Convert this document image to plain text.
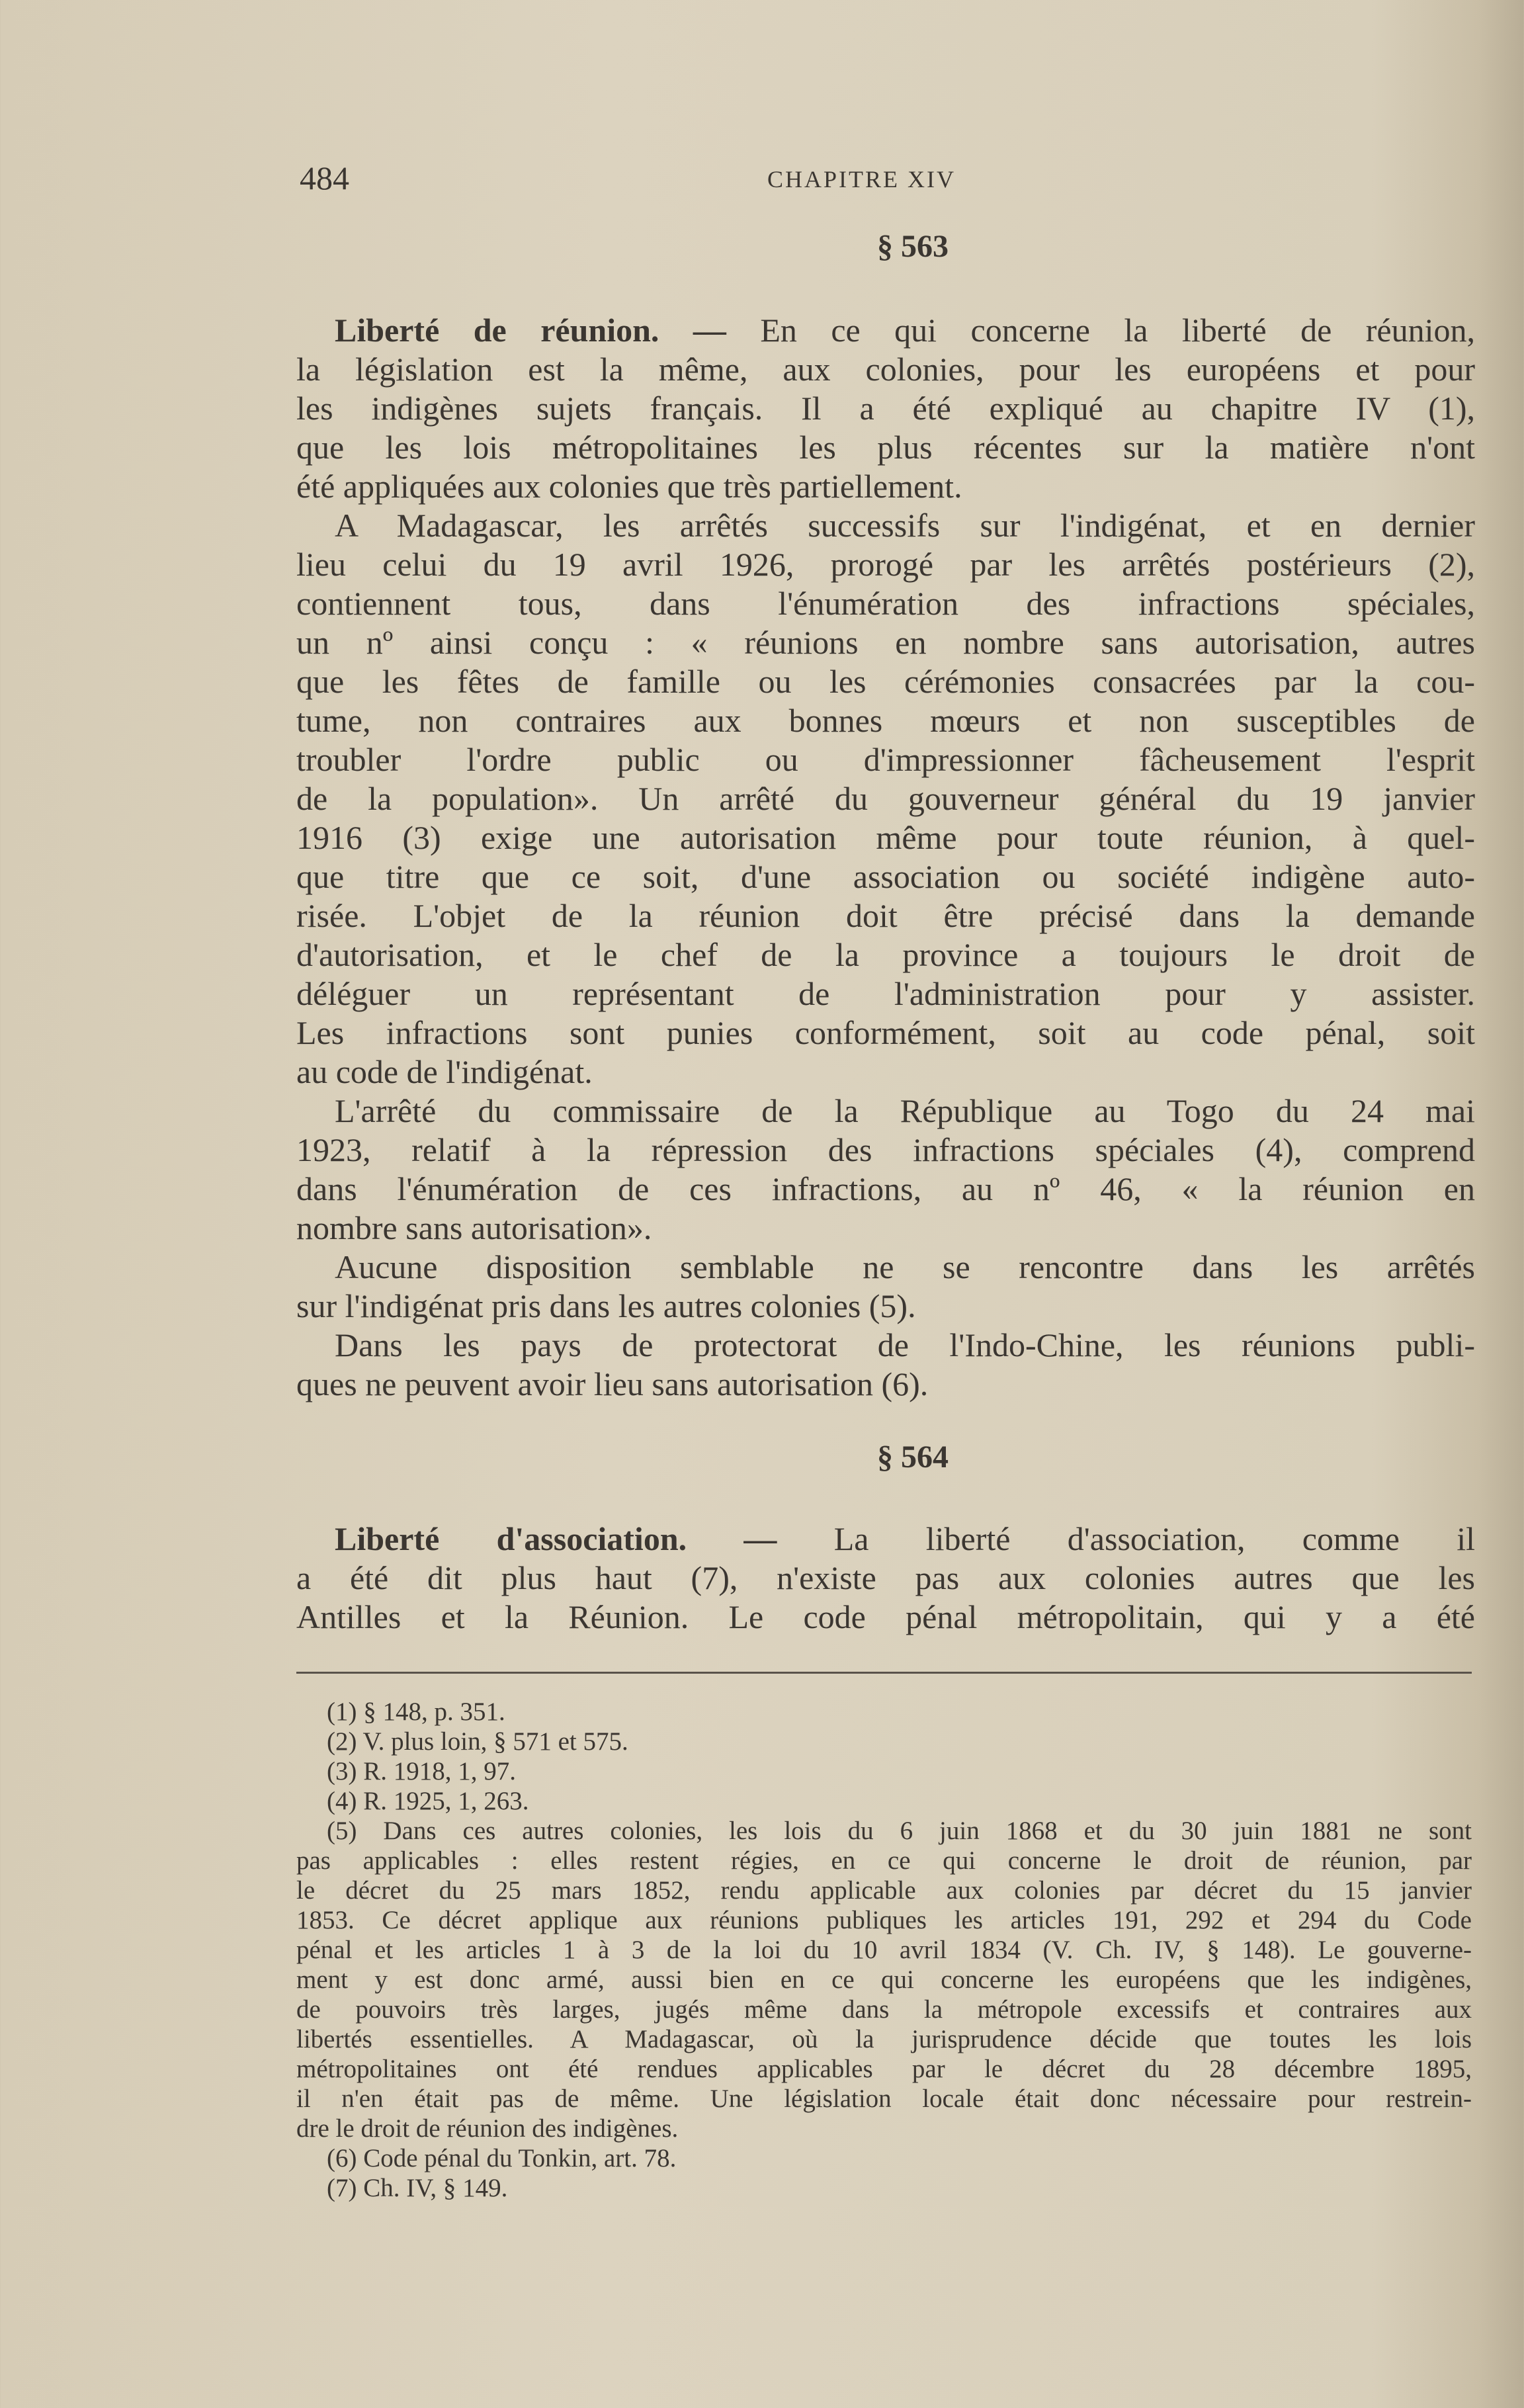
484	CHAPITRE XIV
§ 563
Liberté de réunion. — En ce qui concerne la liberté de réunion,
la législation est la même, aux colonies, pour les européens et pour
les indigènes sujets français. Il a été expliqué au chapitre IV (1),
que les lois métropolitaines les plus récentes sur la matière n'ont
été appliquées aux colonies que très partiellement.
A Madagascar, les arrêtés successifs sur l'indigénat, et en dernier
lieu celui du 19 avril 1926, prorogé par les arrêtés postérieurs (2),
contiennent tous, dans l'énumération des infractions spéciales,
un nº ainsi conçu : « réunions en nombre sans autorisation, autres
que les fêtes de famille ou les cérémonies consacrées par la cou-
tume, non contraires aux bonnes mœurs et non susceptibles de
troubler l'ordre public ou d'impressionner fâcheusement l'esprit
de la population». Un arrêté du gouverneur général du 19 janvier
1916 (3) exige une autorisation même pour toute réunion, à quel-
que titre que ce soit, d'une association ou société indigène auto-
risée. L'objet de la réunion doit être précisé dans la demande
d'autorisation, et le chef de la province a toujours le droit de
déléguer un représentant de l'administration pour y assister.
Les infractions sont punies conformément, soit au code pénal, soit
au code de l'indigénat.
L'arrêté du commissaire de la République au Togo du 24 mai
1923, relatif à la répression des infractions spéciales (4), comprend
dans l'énumération de ces infractions, au nº 46, « la réunion en
nombre sans autorisation».
Aucune disposition semblable ne se rencontre dans les arrêtés
sur l'indigénat pris dans les autres colonies (5).
Dans les pays de protectorat de l'Indo-Chine, les réunions publi-
ques ne peuvent avoir lieu sans autorisation (6).
§ 564
Liberté d'association. — La liberté d'association, comme il
a été dit plus haut (7), n'existe pas aux colonies autres que les
Antilles et la Réunion. Le code pénal métropolitain, qui y a été
(1) § 148, p. 351.
(2) V. plus loin, § 571 et 575.
(3) R. 1918, 1, 97.
(4) R. 1925, 1, 263.
(5) Dans ces autres colonies, les lois du 6 juin 1868 et du 30 juin 1881 ne sont
pas applicables : elles restent régies, en ce qui concerne le droit de réunion, par
le décret du 25 mars 1852, rendu applicable aux colonies par décret du 15 janvier
1853. Ce décret applique aux réunions publiques les articles 191, 292 et 294 du Code
pénal et les articles 1 à 3 de la loi du 10 avril 1834 (V. Ch. IV, § 148). Le gouverne-
ment y est donc armé, aussi bien en ce qui concerne les européens que les indigènes,
de pouvoirs très larges, jugés même dans la métropole excessifs et contraires aux
libertés essentielles. A Madagascar, où la jurisprudence décide que toutes les lois
métropolitaines ont été rendues applicables par le décret du 28 décembre 1895,
il n'en était pas de même. Une législation locale était donc nécessaire pour restrein-
dre le droit de réunion des indigènes.
(6) Code pénal du Tonkin, art. 78.
(7) Ch. IV, § 149.
